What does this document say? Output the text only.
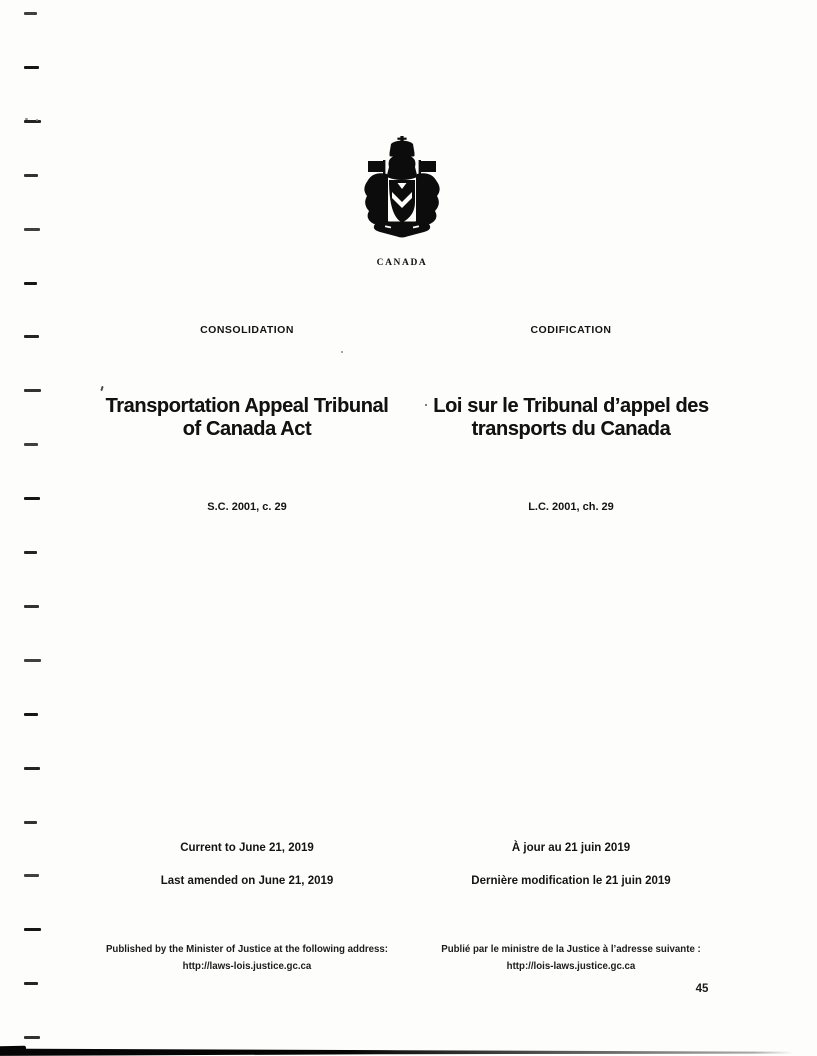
CANADA
CONSOLIDATION	CODIFICATION
Transportation Appeal Tribunal
of Canada Act
Loi sur le Tribunal d’appel des
transports du Canada
S.C. 2001, c. 29	L.C. 2001, ch. 29
Current to June 21, 2019	À jour au 21 juin 2019
Last amended on June 21, 2019	Dernière modification le 21 juin 2019
Published by the Minister of Justice at the following address:
http://laws-lois.justice.gc.ca
Publié par le ministre de la Justice à l’adresse suivante :
http://lois-laws.justice.gc.ca
45
